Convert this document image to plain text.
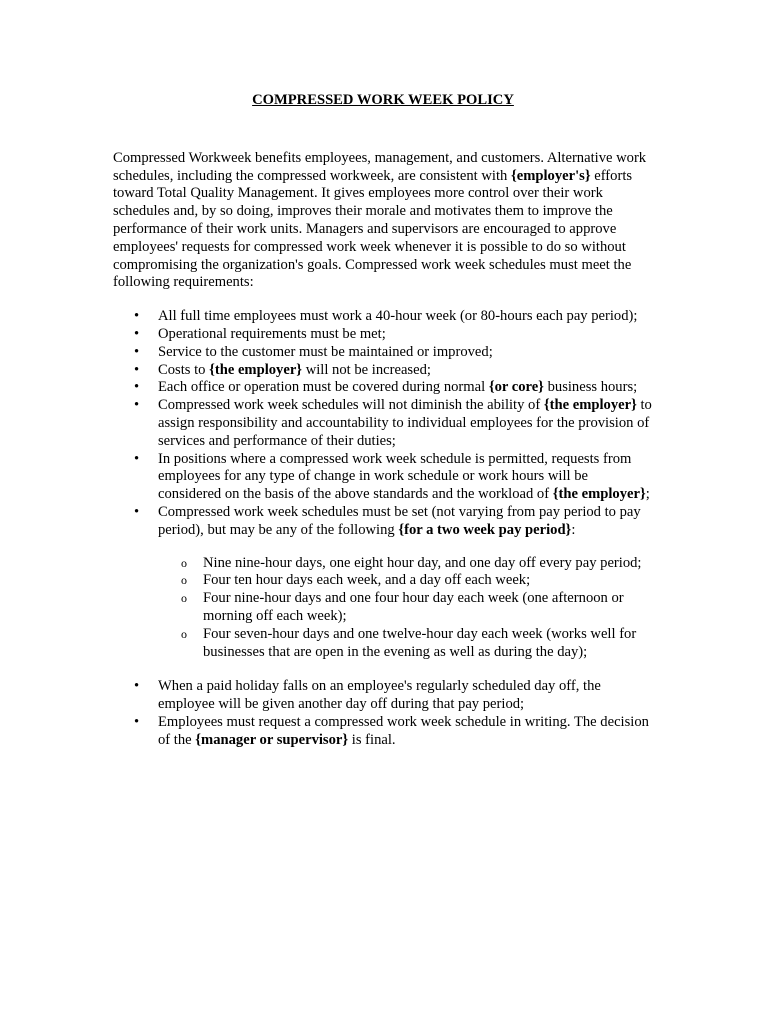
COMPRESSED WORK WEEK POLICY

Compressed Workweek benefits employees, management, and customers. Alternative work schedules, including the compressed workweek, are consistent with {employer's} efforts toward Total Quality Management. It gives employees more control over their work schedules and, by so doing, improves their morale and motivates them to improve the performance of their work units. Managers and supervisors are encouraged to approve employees' requests for compressed work week whenever it is possible to do so without compromising the organization's goals. Compressed work week schedules must meet the following requirements:

• All full time employees must work a 40-hour week (or 80-hours each pay period);
• Operational requirements must be met;
• Service to the customer must be maintained or improved;
• Costs to {the employer} will not be increased;
• Each office or operation must be covered during normal {or core} business hours;
• Compressed work week schedules will not diminish the ability of {the employer} to assign responsibility and accountability to individual employees for the provision of services and performance of their duties;
• In positions where a compressed work week schedule is permitted, requests from employees for any type of change in work schedule or work hours will be considered on the basis of the above standards and the workload of {the employer};
• Compressed work week schedules must be set (not varying from pay period to pay period), but may be any of the following {for a two week pay period}:
o Nine nine-hour days, one eight hour day, and one day off every pay period;
o Four ten hour days each week, and a day off each week;
o Four nine-hour days and one four hour day each week (one afternoon or morning off each week);
o Four seven-hour days and one twelve-hour day each week (works well for businesses that are open in the evening as well as during the day);
• When a paid holiday falls on an employee's regularly scheduled day off, the employee will be given another day off during that pay period;
• Employees must request a compressed work week schedule in writing. The decision of the {manager or supervisor} is final.
